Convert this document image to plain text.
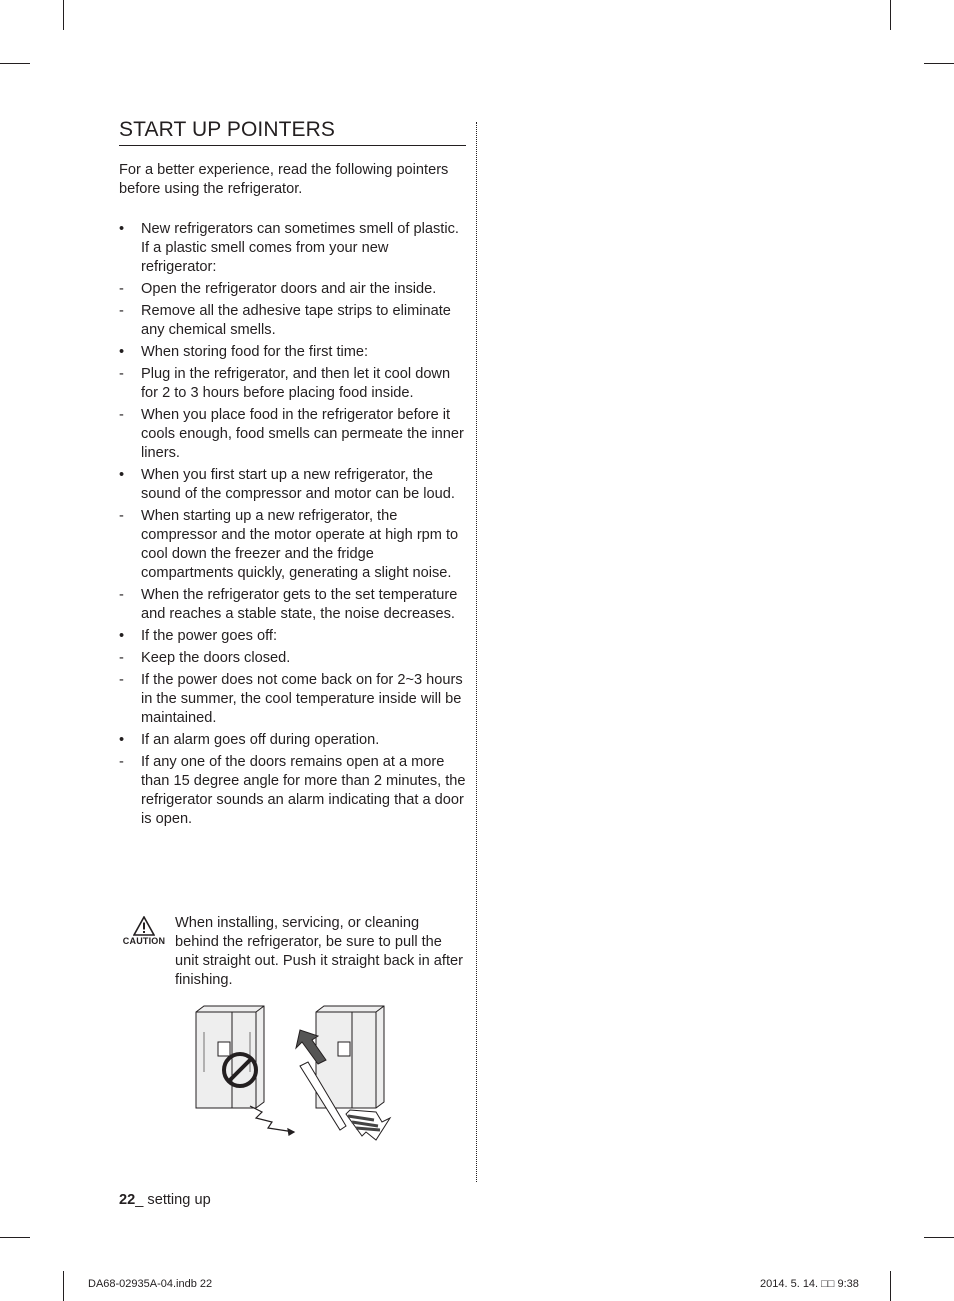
START UP POINTERS

For a better experience, read the following pointers before using the refrigerator.

•	New refrigerators can sometimes smell of plastic.
If a plastic smell comes from your new refrigerator:
-	Open the refrigerator doors and air the inside.
-	Remove all the adhesive tape strips to eliminate any chemical smells.
•	When storing food for the first time:
-	Plug in the refrigerator, and then let it cool down for 2 to 3 hours before placing food inside.
-	When you place food in the refrigerator before it cools enough, food smells can permeate the inner liners.
•	When you first start up a new refrigerator, the sound of the compressor and motor can be loud.
-	When starting up a new refrigerator, the compressor and the motor operate at high rpm to cool down the freezer and the fridge compartments quickly, generating a slight noise.
-	When the refrigerator gets to the set temperature and reaches a stable state, the noise decreases.
•	If the power goes off:
-	Keep the doors closed.
-	If the power does not come back on for 2~3 hours in the summer, the cool temperature inside will be maintained.
•	If an alarm goes off during operation.
-	If any one of the doors remains open at a more than 15 degree angle for more than 2 minutes, the refrigerator sounds an alarm indicating that a door is open.
CAUTION
When installing, servicing, or cleaning behind the refrigerator, be sure to pull the unit straight out. Push it straight back in after finishing.
22_ setting up
DA68-02935A-04.indb 22	2014. 5. 14. □□ 9:38
